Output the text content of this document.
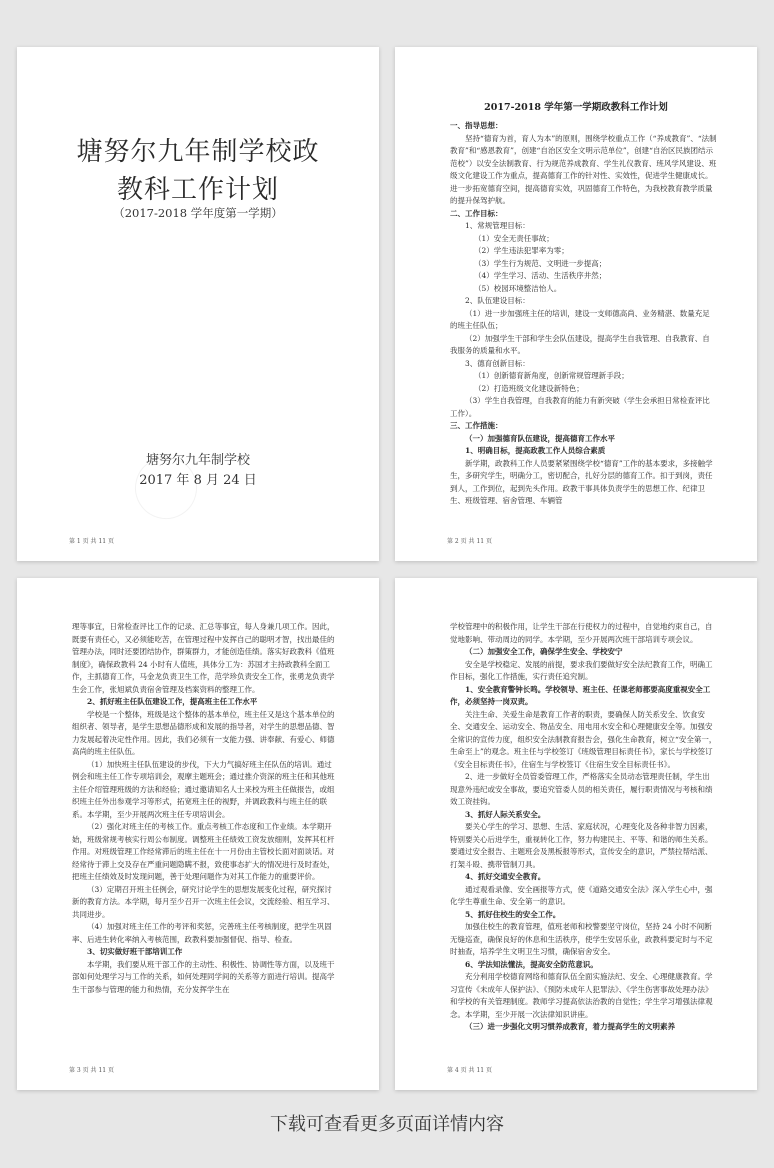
塘努尔九年制学校政
教科工作计划
（2017-2018 学年度第一学期）
塘努尔九年制学校
2017 年 8 月 24 日
第 1 页 共 11 页
2017-2018 学年第一学期政教科工作计划
一、指导思想：
坚持“德育为首，育人为本”的原则，围绕学校重点工作（“养成教育”、“法制教育”和“感恩教育”，创建“自治区安全文明示范单位”，创建“自治区民族团结示范校”）以安全法制教育、行为规范养成教育、学生礼仪教育、班风学风建设、班级文化建设工作为重点，提高德育工作的针对性、实效性，促进学生健康成长。进一步拓宽德育空间，提高德育实效，巩固德育工作特色，为我校教育教学质量的提升保驾护航。
二、工作目标：
1、常规管理目标：
（1）安全无责任事故；
（2）学生违法犯罪率为零；
（3）学生行为规范、文明进一步提高；
（4）学生学习、活动、生活秩序井然；
（5）校园环境整洁怡人。
2、队伍建设目标：
（1）进一步加强班主任的培训，建设一支师德高尚、业务精湛、数量充足的班主任队伍；
（2）加强学生干部和学生会队伍建设，提高学生自我管理、自我教育、自我服务的质量和水平。
3、德育创新目标：
（1）创新德育新角度，创新常规管理新手段；
（2）打造班级文化建设新特色；
（3）学生自我管理，自我教育的能力有新突破（学生会承担日常检查评比工作）。
三、工作措施：
（一）加强德育队伍建设，提高德育工作水平
1、明确目标，提高政教工作人员综合素质
新学期，政教科工作人员要紧紧围绕学校“德育”工作的基本要求，多接触学生，多研究学生，明确分工，密切配合，扎好分层的德育工作。扣于到岗，责任到人，工作到位，起到先头作用。政教干事具体负责学生的思想工作、纪律卫生、班级管理、宿舍管理、车辆管
第 2 页 共 11 页
理等事宜，日常检查评比工作的记录、汇总等事宜，每人身兼几项工作。因此，既要有责任心，又必须能吃苦，在管理过程中发挥自己的聪明才智，找出最佳的管理办法，同时还要团结协作，群策群力，才能创造佳绩。落实好政教科《值班制度》，确保政教科 24 小时有人值班，具体分工为：苏国才主持政教科全面工作，主抓德育工作，马金龙负责卫生工作，范学珍负责安全工作，张勇龙负责学生会工作，张旭斌负责宿舍管理及档案资料的整理工作。
2、抓好班主任队伍建设工作，提高班主任工作水平
学校是一个整体，班级是这个整体的基本单位，班主任又是这个基本单位的组织者、领导者，是学生思想品德形成和发展的指导者，对学生的思想品德、智力发展起着决定性作用。因此，我们必须有一支能力强、讲奉献、有爱心、师德高尚的班主任队伍。
（1）加快班主任队伍建设的步伐，下大力气搞好班主任队伍的培训。通过例会和班主任工作专项培训会，观摩主题班会；通过推介资深的班主任和其他班主任介绍管理班级的方法和经验；通过邀请知名人士来校为班主任做报告，或组织班主任外出参观学习等形式，拓宽班主任的视野，并调政教科与班主任的联系。本学期，至少开展两次班主任专项培训会。
（2）强化对班主任的考核工作。重点考核工作态度和工作业绩。本学期开始，班级常规考核实行周公布制度。调整班主任绩效工资发放细则，发挥其杠杆作用。对班级管理工作经常滞后的班主任在十一月份由主管校长面对面谈话。对经常待于滞上交及存在严重问题隐瞒不报，致使事态扩大的情况进行及时查处，把班主任绩效及时发现问题，善于处理问题作为对其工作能力的重要评价。
（3）定期召开班主任例会，研究讨论学生的思想发展变化过程，研究探讨新的教育方法。本学期，每月至少召开一次班主任会议，交流经验、相互学习、共同进步。
（4）加强对班主任工作的考评和奖惩，完善班主任考核制度，把学生巩固率、后进生转化率纳入考核范围，政教科要加强督促、指导、检查。
3、切实做好班干部培训工作
本学期，我们要从班干部工作的主动性、积极性、协调性等方面，以及班干部如何处理学习与工作的关系，如何处理同学间的关系等方面进行培训。提高学生干部参与管理的能力和热情，充分发挥学生在
第 3 页 共 11 页
学校管理中的积极作用，让学生干部在行使权力的过程中，自觉地约束自己，自觉地影响、带动周边的同学。本学期，至少开展两次班干部培训专项会议。
（二）加强安全工作，确保学生安全、学校安宁
安全是学校稳定、发展的前提，要求我们要做好安全法纪教育工作，明确工作目标，强化工作措施，实行责任追究制。
1、安全教育警钟长鸣。学校领导、班主任、任课老师都要高度重视安全工作，必须坚持一岗双责。
关注生命、关爱生命是教育工作者的职责，要确保人防关系安全、饮食安全、交通安全、运动安全、物品安全、用电用水安全和心理健康安全等。加强安全常识的宣传力度，组织安全法制教育报告会，强化生命教育，树立“安全第一，生命至上”的观念。班主任与学校签订《班级管理目标责任书》，家长与学校签订《安全目标责任书》，住宿生与学校签订《住宿生安全目标责任书》。
2、进一步做好全员管委管理工作，严格落实全员动态管理责任制，学生出现意外违纪或安全事故，要追究管委人员的相关责任，履行职责情况与考核和绩效工资挂钩。
3、抓好人际关系安全。
要关心学生的学习、思想、生活、家庭状况，心理变化及各种非智力因素，特别要关心后进学生，重视转化工作，努力构建民主、平等、和谐的师生关系。要通过安全报告、主题班会及黑板报等形式，宣传安全的意识，严禁拉帮结派、打架斗殴、携带管制刀具。
4、抓好交通安全教育。
通过观看录像、安全画报等方式，使《道路交通安全法》深入学生心中，强化学生尊重生命、安全第一的意识。
5、抓好住校生的安全工作。
加强住校生的教育管理，值班老师和校警要坚守岗位，坚持 24 小时不间断无缝巡查，确保良好的休息和生活秩序，使学生安居乐业，政教科要定时与不定时抽查，培养学生文明卫生习惯，确保宿舍安全。
6、学法知法懂法，提高安全防范意识。
充分利用学校德育网络和德育队伍全面实施法纪、安全、心理健康教育。学习宣传《未成年人保护法》、《预防未成年人犯罪法》、《学生伤害事故处理办法》和学校的有关管理制度。教师学习提高依法治教的自觉性；学生学习增强法律观念。本学期，至少开展一次法律知识讲座。
（三）进一步强化文明习惯养成教育，着力提高学生的文明素养
第 4 页 共 11 页
下载可查看更多页面详情内容
